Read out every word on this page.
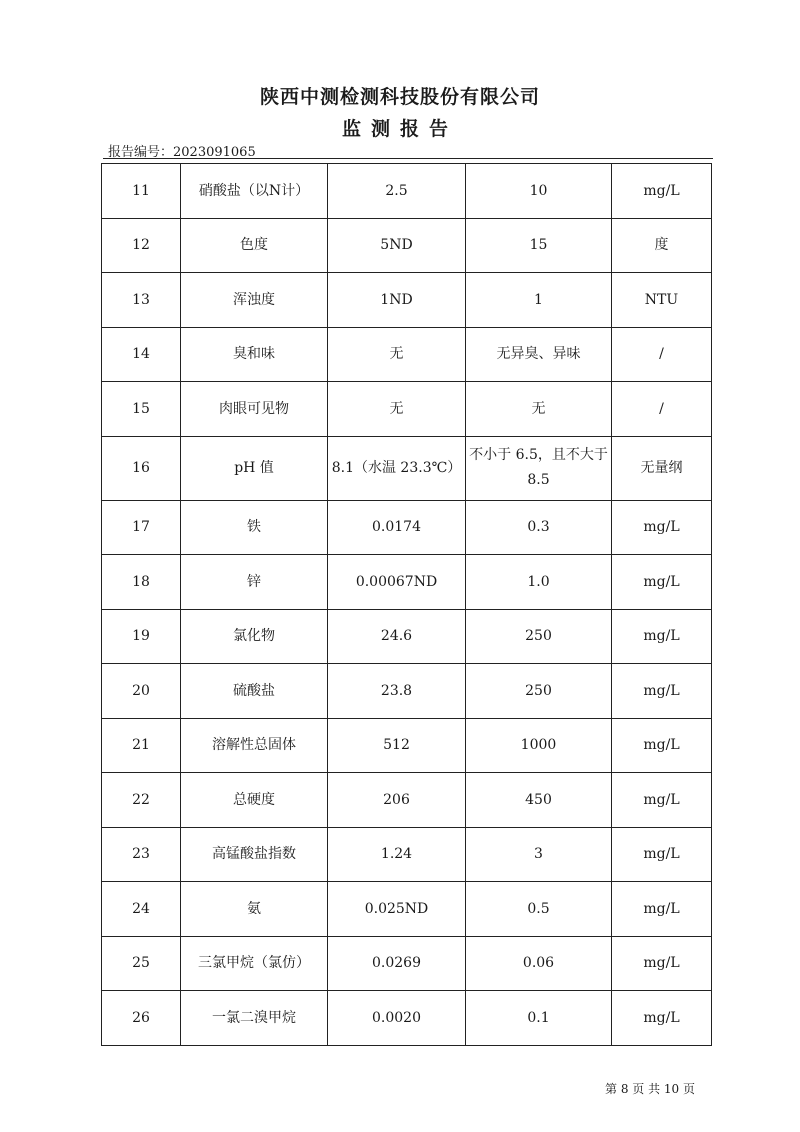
陕西中测检测科技股份有限公司
监测报告
报告编号：2023091065
11	硝酸盐（以N计）	2.5	10	mg/L
12	色度	5ND	15	度
13	浑浊度	1ND	1	NTU
14	臭和味	无	无异臭、异味	/
15	肉眼可见物	无	无	/
16	pH 值	8.1（水温 23.3℃）	不小于 6.5，且不大于 8.5	无量纲
17	铁	0.0174	0.3	mg/L
18	锌	0.00067ND	1.0	mg/L
19	氯化物	24.6	250	mg/L
20	硫酸盐	23.8	250	mg/L
21	溶解性总固体	512	1000	mg/L
22	总硬度	206	450	mg/L
23	高锰酸盐指数	1.24	3	mg/L
24	氨	0.025ND	0.5	mg/L
25	三氯甲烷（氯仿）	0.0269	0.06	mg/L
26	一氯二溴甲烷	0.0020	0.1	mg/L
第 8 页 共 10 页
